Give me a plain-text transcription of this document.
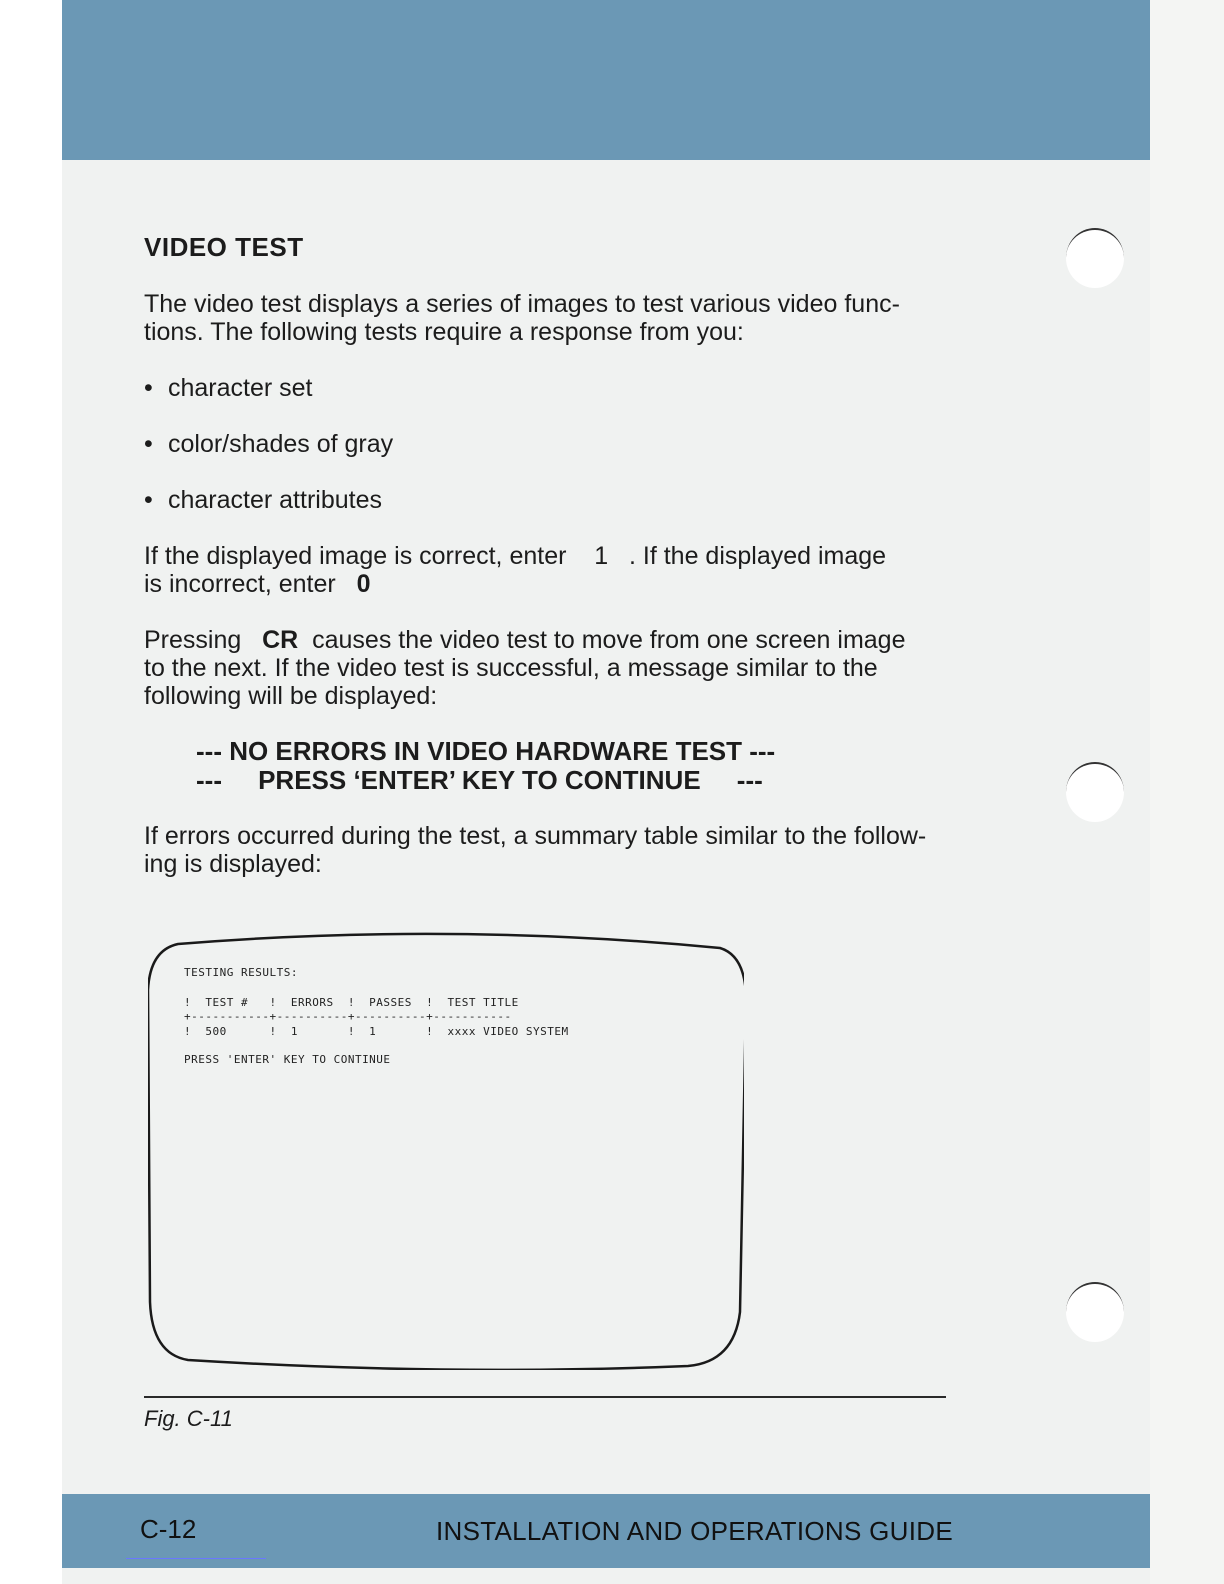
VIDEO TEST
The video test displays a series of images to test various video func-
tions. The following tests require a response from you:
• character set
• color/shades of gray
• character attributes
If the displayed image is correct, enter 1 . If the displayed image
is incorrect, enter 0
Pressing CR causes the video test to move from one screen image
to the next. If the video test is successful, a message similar to the
following will be displayed:
--- NO ERRORS IN VIDEO HARDWARE TEST ---
---     PRESS ‘ENTER’ KEY TO CONTINUE     ---
If errors occurred during the test, a summary table similar to the follow-
ing is displayed:
TESTING RESULTS:
!  TEST #   !  ERRORS  !  PASSES  !  TEST TITLE
+-----------+----------+----------+-----------
!  500      !  1       !  1       !  xxxx VIDEO SYSTEM
PRESS 'ENTER' KEY TO CONTINUE
Fig. C-11
C-12	INSTALLATION AND OPERATIONS GUIDE
